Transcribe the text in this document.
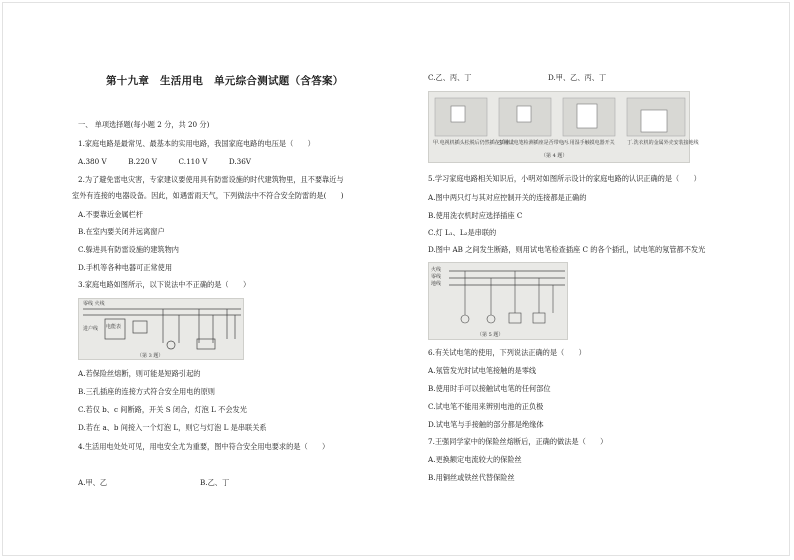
第十九章　生活用电　单元综合测试题（含答案）
一、 单项选择题(每小题 2 分，共 20 分)
1.家庭电路是最常见、最基本的实用电路，我国家庭电路的电压是（　　）
A.380 V　　　B.220 V　　　C.110 V　　　D.36V
2.为了避免雷电灾害，专家建议要使用具有防雷设施的时代建筑物里，且不要靠近与
室外有连接的电器设备。因此，如遇雷雨天气，下列做法中不符合安全防雷的是(　　)
A.不要靠近金属栏杆
B.在室内要关闭并远离窗户
C.躲进具有防雷设施的建筑物内
D.手机等各种电器可正常使用
3.家庭电路如图所示，以下说法中不正确的是（　　）
零线 火线
进户线 电能表
（第 3 题）
A.若保险丝熔断，则可能是短路引起的
B.三孔插座的连接方式符合安全用电的原则
C.若仅 b、c 间断路，开关 S 闭合，灯泡 L 不会发光
D.若在 a、b 间接入一个灯泡 L，则它与灯泡 L 是串联关系
4.生活用电处处可见，用电安全尤为重要，图中符合安全用电要求的是（　　）
A.甲、乙	B.乙、丁
C.乙、丙、丁	D.甲、乙、丙、丁
甲.电视机插头松脱后仍然插在插座上
乙.用试电笔检测插座是否带电 丙.用湿手触摸电器开关 丁.洗衣机的金属外壳安装接地线
（第 4 题）
5.学习家庭电路相关知识后，小明对如图所示设计的家庭电路的认识正确的是（　　）
A.图中两只灯与其对应控制开关的连接都是正确的
B.使用洗衣机时应选择插座 C
C.灯 L₁、L₂是串联的
D.图中 AB 之间发生断路，则用试电笔检查插座 C 的各个插孔，试电笔的氖管都不发光
火线
零线
地线
（第 5 题）
6.有关试电笔的使用，下列说法正确的是（　　）
A.氖管发光时试电笔接触的是零线
B.使用时手可以接触试电笔的任何部位
C.试电笔不能用来辨别电池的正负极
D.试电笔与手接触的部分都是绝缘体
7.王强同学家中的保险丝熔断后，正确的做法是（　　）
A.更换额定电流较大的保险丝
B.用铜丝或铁丝代替保险丝
